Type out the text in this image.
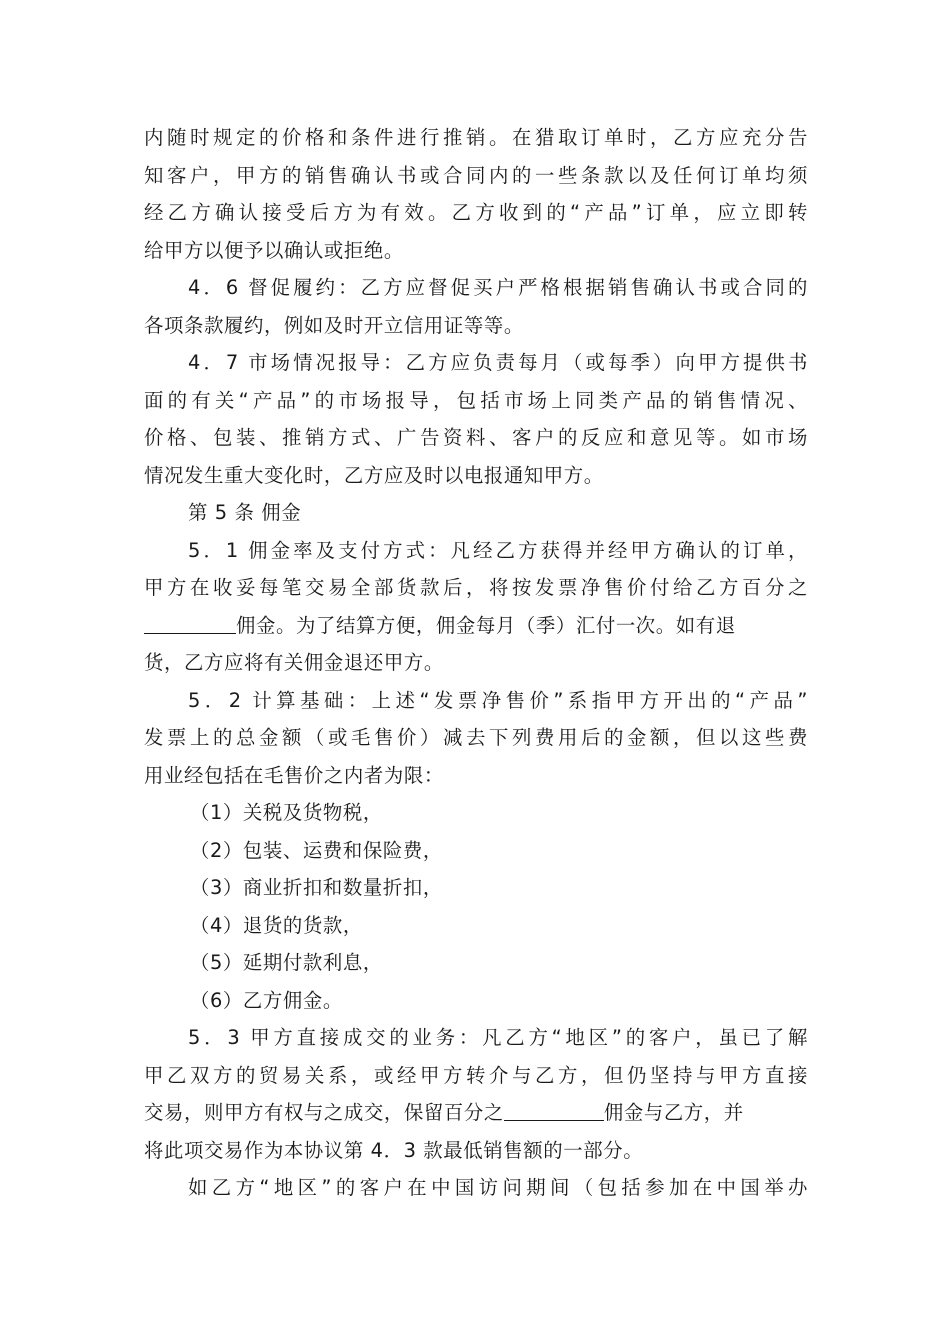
内随时规定的价格和条件进行推销。在猎取订单时，乙方应充分告

知客户，甲方的销售确认书或合同内的一些条款以及任何订单均须

经乙方确认接受后方为有效。乙方收到的“产品”订单，应立即转

给甲方以便予以确认或拒绝。

4．6 督促履约：乙方应督促买户严格根据销售确认书或合同的

各项条款履约，例如及时开立信用证等等。

4．7 市场情况报导：乙方应负责每月（或每季）向甲方提供书

面的有关“产品”的市场报导，包括市场上同类产品的销售情况、

价格、包装、推销方式、广告资料、客户的反应和意见等。如市场

情况发生重大变化时，乙方应及时以电报通知甲方。

第 5 条 佣金

5．1 佣金率及支付方式：凡经乙方获得并经甲方确认的订单，

甲方在收妥每笔交易全部货款后，将按发票净售价付给乙方百分之

佣金。为了结算方便，佣金每月（季）汇付一次。如有退

货，乙方应将有关佣金退还甲方。

5．2 计算基础：上述“发票净售价”系指甲方开出的“产品”

发票上的总金额（或毛售价）减去下列费用后的金额，但以这些费

用业经包括在毛售价之内者为限：

（1）关税及货物税，

（2）包装、运费和保险费，

（3）商业折扣和数量折扣，

（4）退货的货款，

（5）延期付款利息，

（6）乙方佣金。

5．3 甲方直接成交的业务：凡乙方“地区”的客户，虽已了解

甲乙双方的贸易关系，或经甲方转介与乙方，但仍坚持与甲方直接

交易，则甲方有权与之成交，保留百分之	佣金与乙方，并

将此项交易作为本协议第 4．3 款最低销售额的一部分。

如乙方“地区”的客户在中国访问期间（包括参加在中国举办
